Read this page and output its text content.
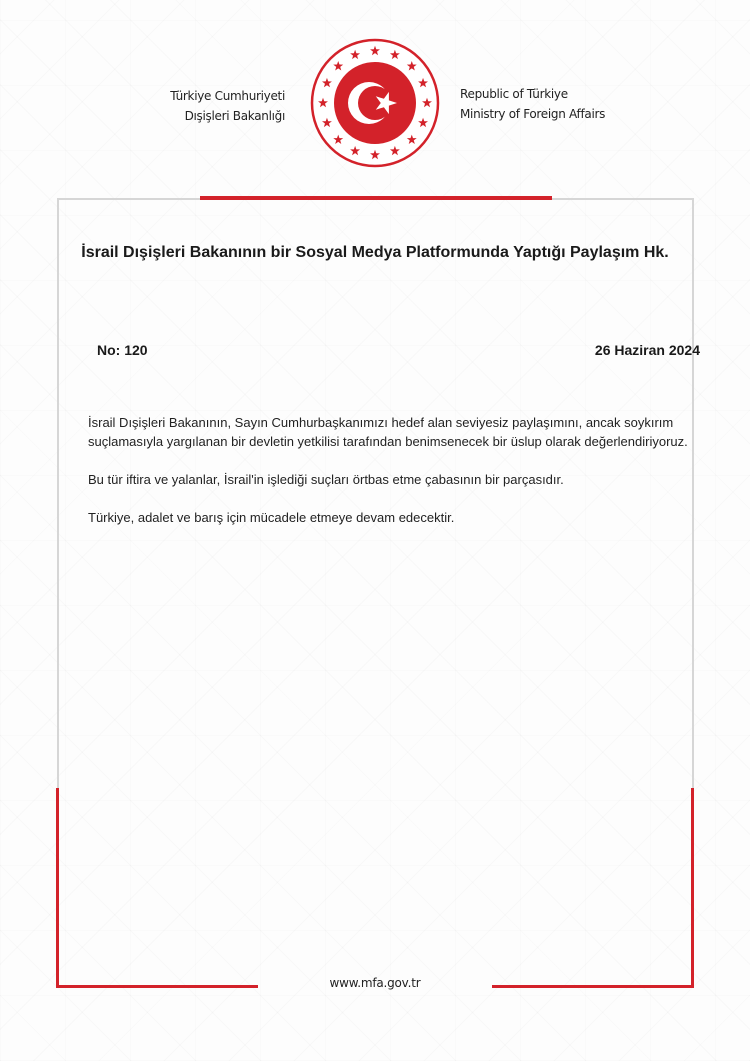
Türkiye Cumhuriyeti
Dışişleri Bakanlığı
Republic of Türkiye
Ministry of Foreign Affairs
İsrail Dışişleri Bakanının bir Sosyal Medya Platformunda Yaptığı Paylaşım Hk.
No: 120	26 Haziran 2024

İsrail Dışişleri Bakanının, Sayın Cumhurbaşkanımızı hedef alan seviyesiz paylaşımını, ancak soykırım suçlamasıyla yargılanan bir devletin yetkilisi tarafından benimsenecek bir üslup olarak değerlendiriyoruz.

Bu tür iftira ve yalanlar, İsrail'in işlediği suçları örtbas etme çabasının bir parçasıdır.

Türkiye, adalet ve barış için mücadele etmeye devam edecektir.

www.mfa.gov.tr
